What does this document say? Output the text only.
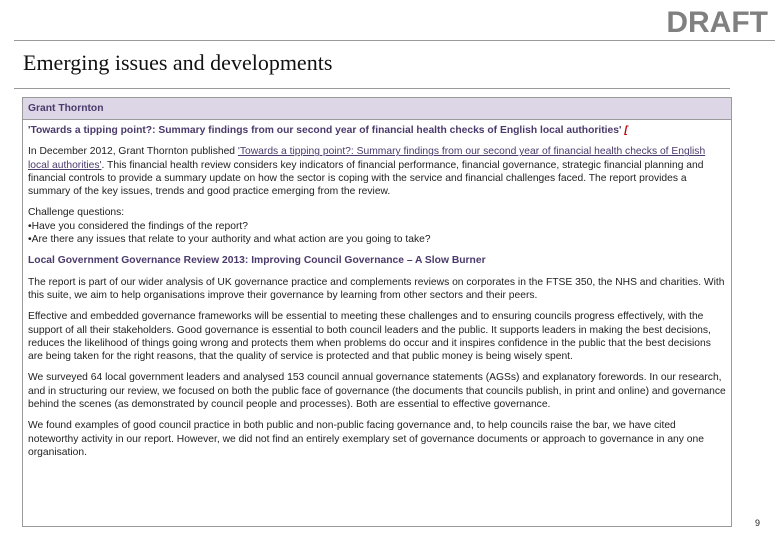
DRAFT
Emerging issues and developments
Grant Thornton
'Towards a tipping point?: Summary findings from our second year of financial health checks of English local authorities' [

In December 2012, Grant Thornton published 'Towards a tipping point?: Summary findings from our second year of financial health checks of English local authorities'. This financial health review considers key indicators of financial performance, financial governance, strategic financial planning and financial controls to provide a summary update on how the sector is coping with the service and financial challenges faced. The report provides a summary of the key issues, trends and good practice emerging from the review.

Challenge questions:
•Have you considered the findings of the report?
•Are there any issues that relate to your authority and what action are you going to take?

Local Government Governance Review 2013: Improving Council Governance – A Slow Burner

The report is part of our wider analysis of UK governance practice and complements reviews on corporates in the FTSE 350, the NHS and charities. With this suite, we aim to help organisations improve their governance by learning from other sectors and their peers.

Effective and embedded governance frameworks will be essential to meeting these challenges and to ensuring councils progress effectively, with the support of all their stakeholders. Good governance is essential to both council leaders and the public. It supports leaders in making the best decisions, reduces the likelihood of things going wrong and protects them when problems do occur and it inspires confidence in the public that the best decisions are being taken for the right reasons, that the quality of service is protected and that public money is being wisely spent.

We surveyed 64 local government leaders and analysed 153 council annual governance statements (AGSs) and explanatory forewords. In our research, and in structuring our review, we focused on both the public face of governance (the documents that councils publish, in print and online) and governance behind the scenes (as demonstrated by council people and processes). Both are essential to effective governance.

We found examples of good council practice in both public and non-public facing governance and, to help councils raise the bar, we have cited noteworthy activity in our report. However, we did not find an entirely exemplary set of governance documents or approach to governance in any one organisation.

9
